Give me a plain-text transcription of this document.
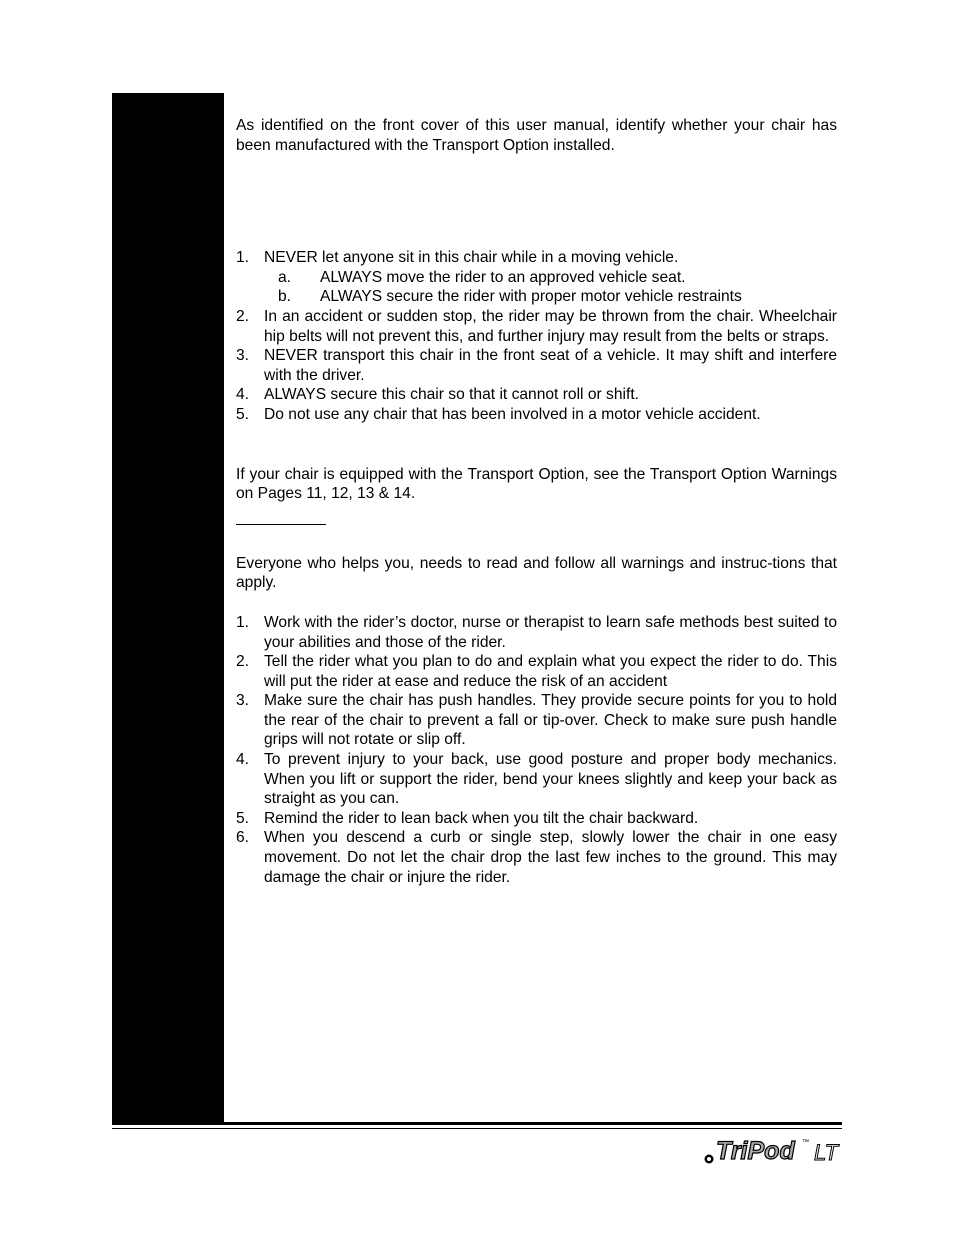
As identified on the front cover of this user manual, identify whether your chair has been manufactured with the Transport Option installed.

1. NEVER let anyone sit in this chair while in a moving vehicle.
a. ALWAYS move the rider to an approved vehicle seat.
b. ALWAYS secure the rider with proper motor vehicle restraints
2. In an accident or sudden stop, the rider may be thrown from the chair. Wheelchair hip belts will not prevent this, and further injury may result from the belts or straps.
3. NEVER transport this chair in the front seat of a vehicle. It may shift and interfere with the driver.
4. ALWAYS secure this chair so that it cannot roll or shift.
5. Do not use any chair that has been involved in a motor vehicle accident.

If your chair is equipped with the Transport Option, see the Transport Option Warnings on Pages 11, 12, 13 & 14.

Everyone who helps you, needs to read and follow all warnings and instruc-tions that apply.

1. Work with the rider’s doctor, nurse or therapist to learn safe methods best suited to your abilities and those of the rider.
2. Tell the rider what you plan to do and explain what you expect the rider to do. This will put the rider at ease and reduce the risk of an accident
3. Make sure the chair has push handles. They provide secure points for you to hold the rear of the chair to prevent a fall or tip-over. Check to make sure push handle grips will not rotate or slip off.
4. To prevent injury to your back, use good posture and proper body mechanics. When you lift or support the rider, bend your knees slightly and keep your back as straight as you can.
5. Remind the rider to lean back when you tilt the chair backward.
6. When you descend a curb or single step, slowly lower the chair in one easy movement. Do not let the chair drop the last few inches to the ground. This may damage the chair or injure the rider.
TriPod ™ LT
